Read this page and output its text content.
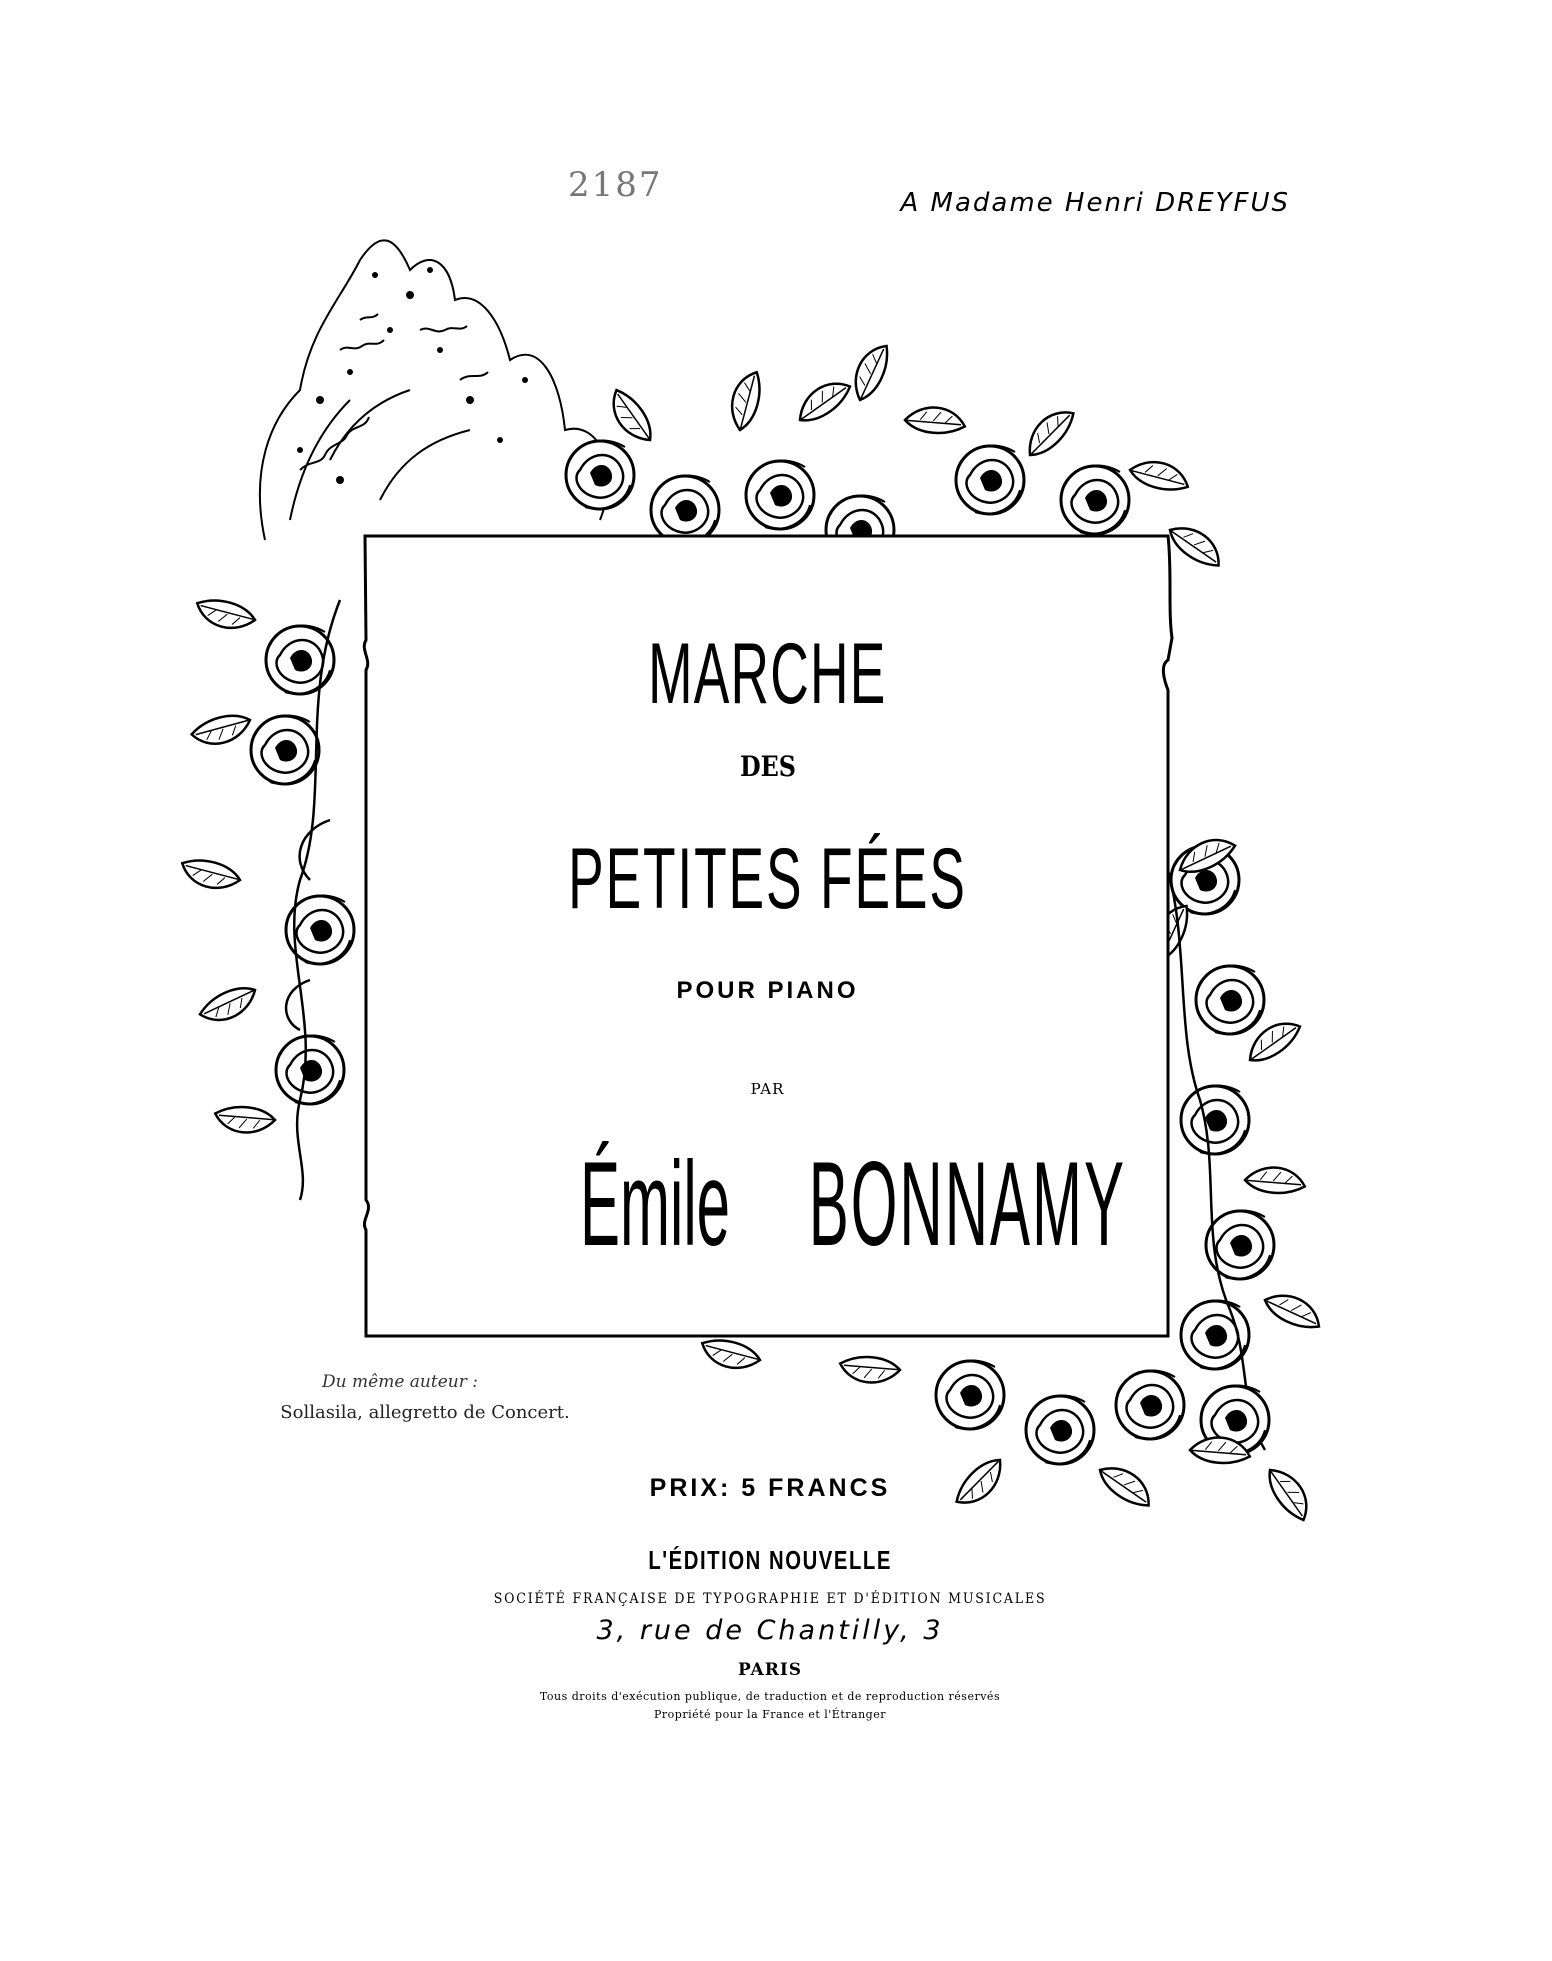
A Madame Henri DREYFUS
2187
MARCHE
DES
PETITES FÉES
POUR PIANO
PAR
Émile BONNAMY
Du même auteur :
Sollasila, allegretto de Concert.
PRIX: 5 FRANCS
L'ÉDITION NOUVELLE
SOCIÉTÉ FRANÇAISE DE TYPOGRAPHIE ET D'ÉDITION MUSICALES
3, rue de Chantilly, 3
PARIS
Tous droits d'exécution publique, de traduction et de reproduction réservés
Propriété pour la France et l'Étranger
